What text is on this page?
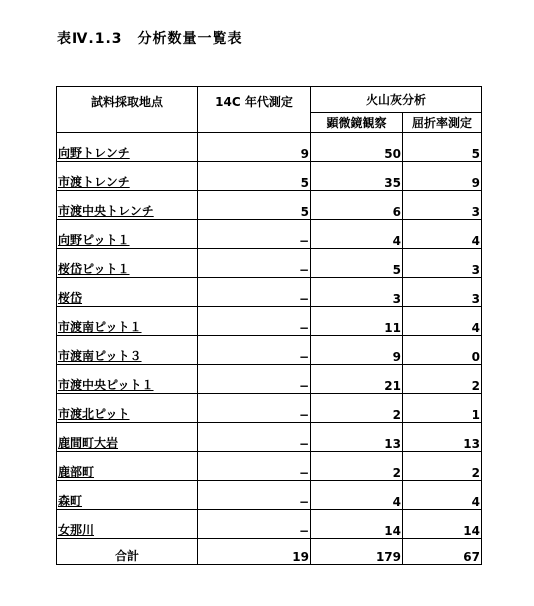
表Ⅳ.1.3　分析数量一覧表
試料採取地点	14C 年代測定	火山灰分析	
		顕微鏡観察	屈折率測定
向野トレンチ	9	50	5
市渡トレンチ	5	35	9
市渡中央トレンチ	5	6	3
向野ピット１	−	4	4
桜岱ピット１	−	5	3
桜岱	−	3	3
市渡南ピット１	−	11	4
市渡南ピット３	−	9	0
市渡中央ピット１	−	21	2
市渡北ピット	−	2	1
鹿間町大岩	−	13	13
鹿部町	−	2	2
森町	−	4	4
女那川	−	14	14
合計	19	179	67
